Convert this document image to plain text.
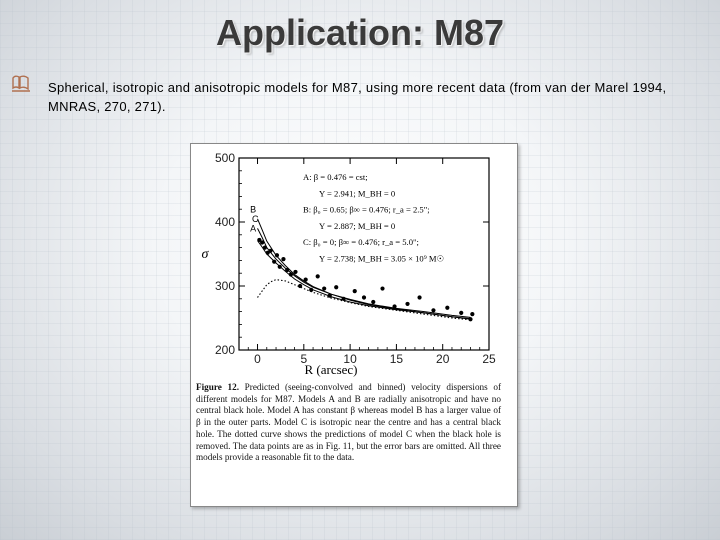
Application: M87
Spherical, isotropic and anisotropic models for M87, using more recent data (from van der Marel 1994, MNRAS, 270, 271).
0	5	10	15	20	25
200
300
400
500
A: β = 0.476 = cst;
Υ = 2.941; M_BH = 0
B: β₀ = 0.65; β∞ = 0.476; r_a = 2.5";
Υ = 2.887; M_BH = 0
C: β₀ = 0; β∞ = 0.476; r_a = 5.0";
Υ = 2.738; M_BH = 3.05 × 10⁹ M☉
B
C
A
R (arcsec)
σ
Figure 12. Predicted (seeing-convolved and binned) velocity dispersions of different models for M87. Models A and B are radially anisotropic and have no central black hole. Model A has constant β whereas model B has a larger value of β in the outer parts. Model C is isotropic near the centre and has a central black hole. The dotted curve shows the predictions of model C when the black hole is removed. The data points are as in Fig. 11, but the error bars are omitted. All three models provide a reasonable fit to the data.
